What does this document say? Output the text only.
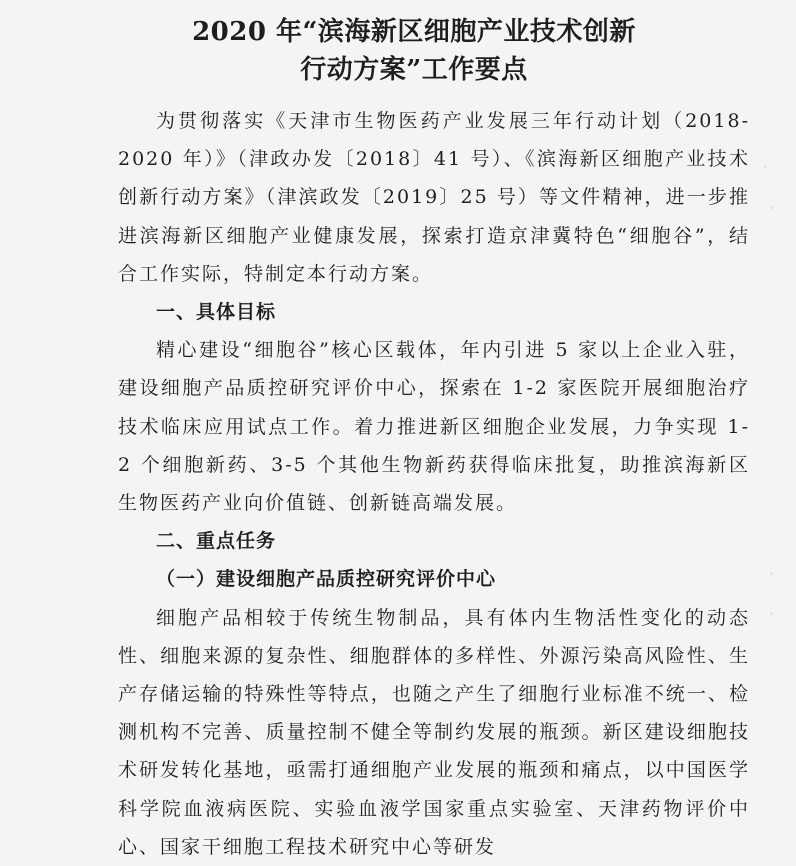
2020 年“滨海新区细胞产业技术创新
行动方案”工作要点

为贯彻落实《天津市生物医药产业发展三年行动计划（2018-2020 年）》（津政办发〔2018〕41 号）、《滨海新区细胞产业技术创新行动方案》（津滨政发〔2019〕25 号）等文件精神，进一步推进滨海新区细胞产业健康发展，探索打造京津冀特色“细胞谷”，结合工作实际，特制定本行动方案。

一、具体目标

精心建设“细胞谷”核心区载体，年内引进 5 家以上企业入驻，建设细胞产品质控研究评价中心，探索在 1-2 家医院开展细胞治疗技术临床应用试点工作。着力推进新区细胞企业发展，力争实现 1-2 个细胞新药、3-5 个其他生物新药获得临床批复，助推滨海新区生物医药产业向价值链、创新链高端发展。

二、重点任务

（一）建设细胞产品质控研究评价中心

细胞产品相较于传统生物制品，具有体内生物活性变化的动态性、细胞来源的复杂性、细胞群体的多样性、外源污染高风险性、生产存储运输的特殊性等特点，也随之产生了细胞行业标准不统一、检测机构不完善、质量控制不健全等制约发展的瓶颈。新区建设细胞技术研发转化基地，亟需打通细胞产业发展的瓶颈和痛点，以中国医学科学院血液病医院、实验血液学国家重点实验室、天津药物评价中心、国家干细胞工程技术研究中心等研发

'
'
'
'
